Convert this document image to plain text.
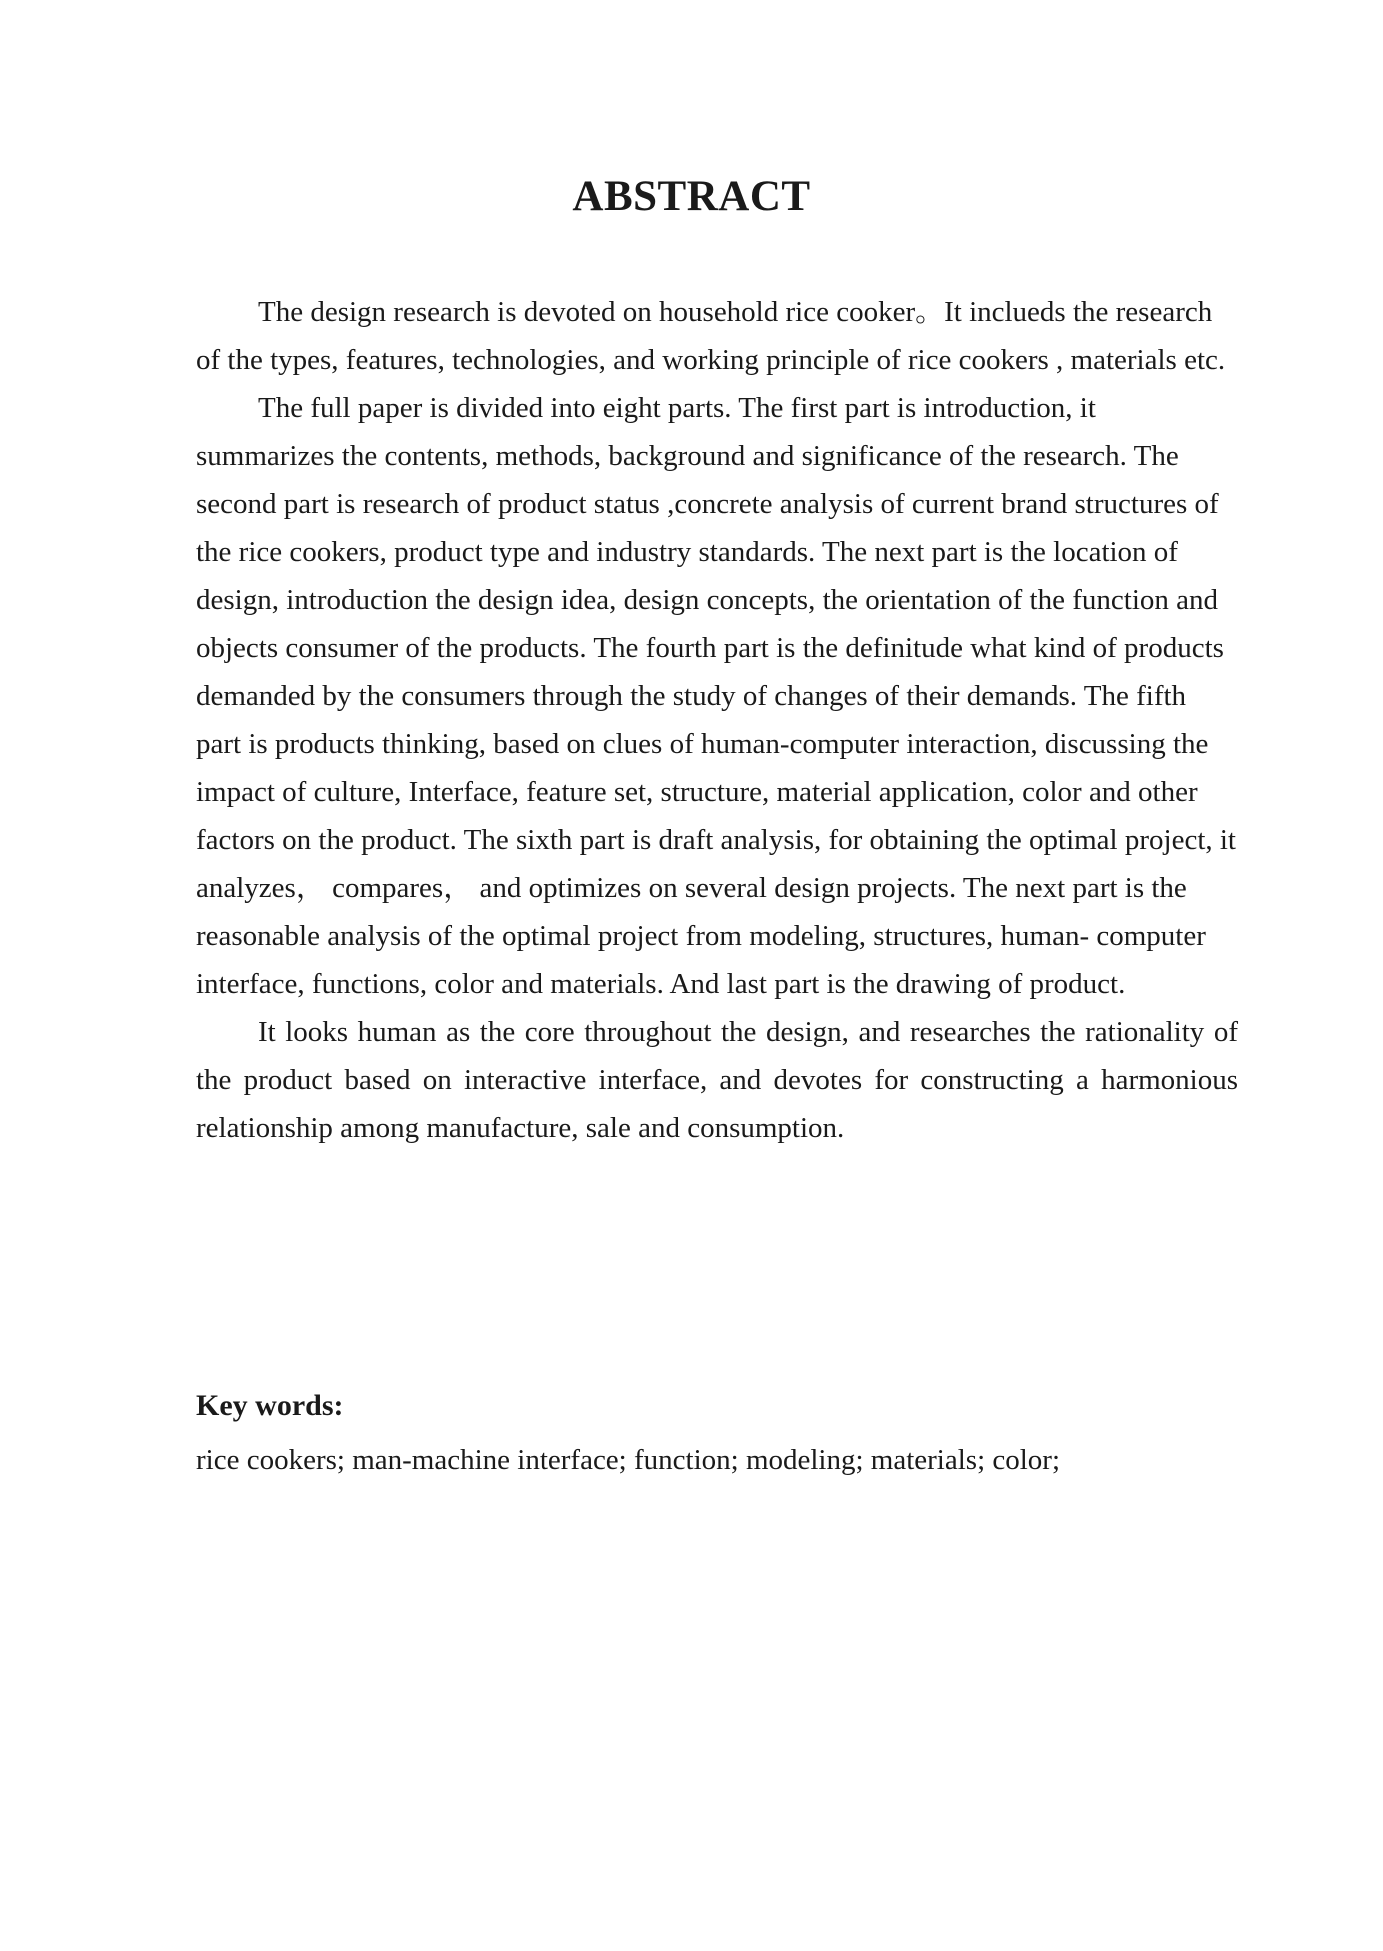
ABSTRACT

The design research is devoted on household rice cooker。It inclueds the research of the types, features, technologies, and working principle of rice cookers , materials etc.

The full paper is divided into eight parts. The first part is introduction, it summarizes the contents, methods, background and significance of the research. The second part is research of product status ,concrete analysis of current brand structures of the rice cookers, product type and industry standards. The next part is the location of design, introduction the design idea, design concepts, the orientation of the function and objects consumer of the products. The fourth part is the definitude what kind of products demanded by the consumers through the study of changes of their demands. The fifth part is products thinking, based on clues of human-computer interaction, discussing the impact of culture, Interface, feature set, structure, material application, color and other factors on the product. The sixth part is draft analysis, for obtaining the optimal project, it analyzes， compares， and optimizes on several design projects. The next part is the reasonable analysis of the optimal project from modeling, structures, human- computer interface, functions, color and materials. And last part is the drawing of product.

It looks human as the core throughout the design, and researches the rationality of the product based on interactive interface, and devotes for constructing a harmonious relationship among manufacture, sale and consumption.

Key words:

rice cookers; man-machine interface; function; modeling; materials; color;
